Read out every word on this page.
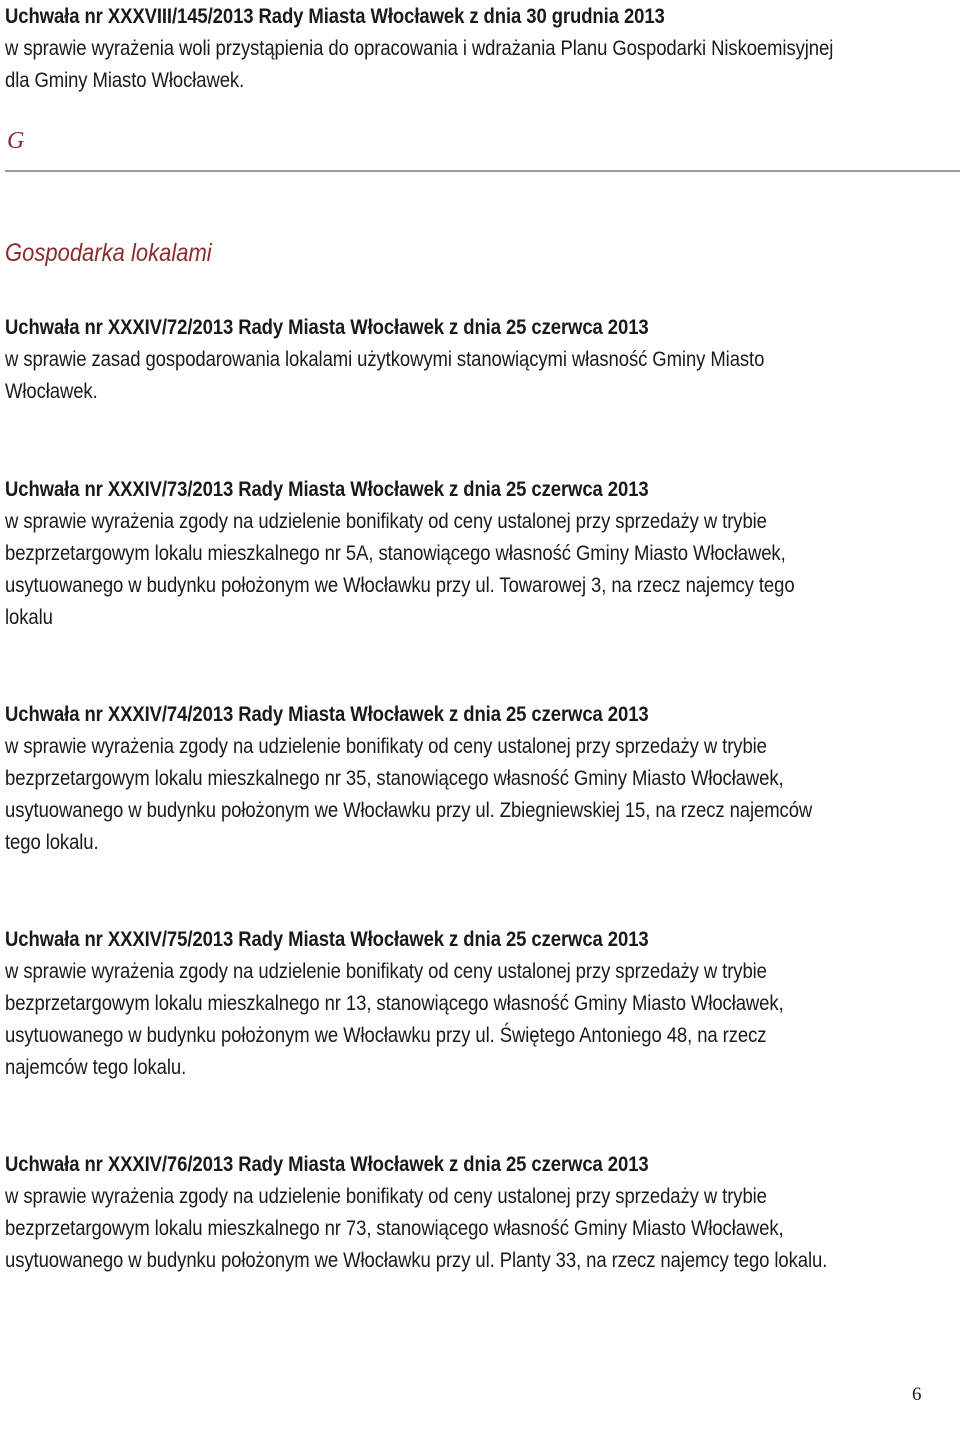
Uchwała nr XXXVIII/145/2013 Rady Miasta Włocławek z dnia 30 grudnia 2013
w sprawie wyrażenia woli przystąpienia do opracowania i wdrażania Planu Gospodarki Niskoemisyjnej
dla Gminy Miasto Włocławek.
G
Gospodarka lokalami
Uchwała nr XXXIV/72/2013 Rady Miasta Włocławek z dnia 25 czerwca 2013
w sprawie zasad gospodarowania lokalami użytkowymi stanowiącymi własność Gminy Miasto
Włocławek.
Uchwała nr XXXIV/73/2013 Rady Miasta Włocławek z dnia 25 czerwca 2013
w sprawie wyrażenia zgody na udzielenie bonifikaty od ceny ustalonej przy sprzedaży w trybie
bezprzetargowym lokalu mieszkalnego nr 5A, stanowiącego własność Gminy Miasto Włocławek,
usytuowanego w budynku położonym we Włocławku przy ul. Towarowej 3, na rzecz najemcy tego
lokalu
Uchwała nr XXXIV/74/2013 Rady Miasta Włocławek z dnia 25 czerwca 2013
w sprawie wyrażenia zgody na udzielenie bonifikaty od ceny ustalonej przy sprzedaży w trybie
bezprzetargowym lokalu mieszkalnego nr 35, stanowiącego własność Gminy Miasto Włocławek,
usytuowanego w budynku położonym we Włocławku przy ul. Zbiegniewskiej 15, na rzecz najemców
tego lokalu.
Uchwała nr XXXIV/75/2013 Rady Miasta Włocławek z dnia 25 czerwca 2013
w sprawie wyrażenia zgody na udzielenie bonifikaty od ceny ustalonej przy sprzedaży w trybie
bezprzetargowym lokalu mieszkalnego nr 13, stanowiącego własność Gminy Miasto Włocławek,
usytuowanego w budynku położonym we Włocławku przy ul. Świętego Antoniego 48, na rzecz
najemców tego lokalu.
Uchwała nr XXXIV/76/2013 Rady Miasta Włocławek z dnia 25 czerwca 2013
w sprawie wyrażenia zgody na udzielenie bonifikaty od ceny ustalonej przy sprzedaży w trybie
bezprzetargowym lokalu mieszkalnego nr 73, stanowiącego własność Gminy Miasto Włocławek,
usytuowanego w budynku położonym we Włocławku przy ul. Planty 33, na rzecz najemcy tego lokalu.
6
